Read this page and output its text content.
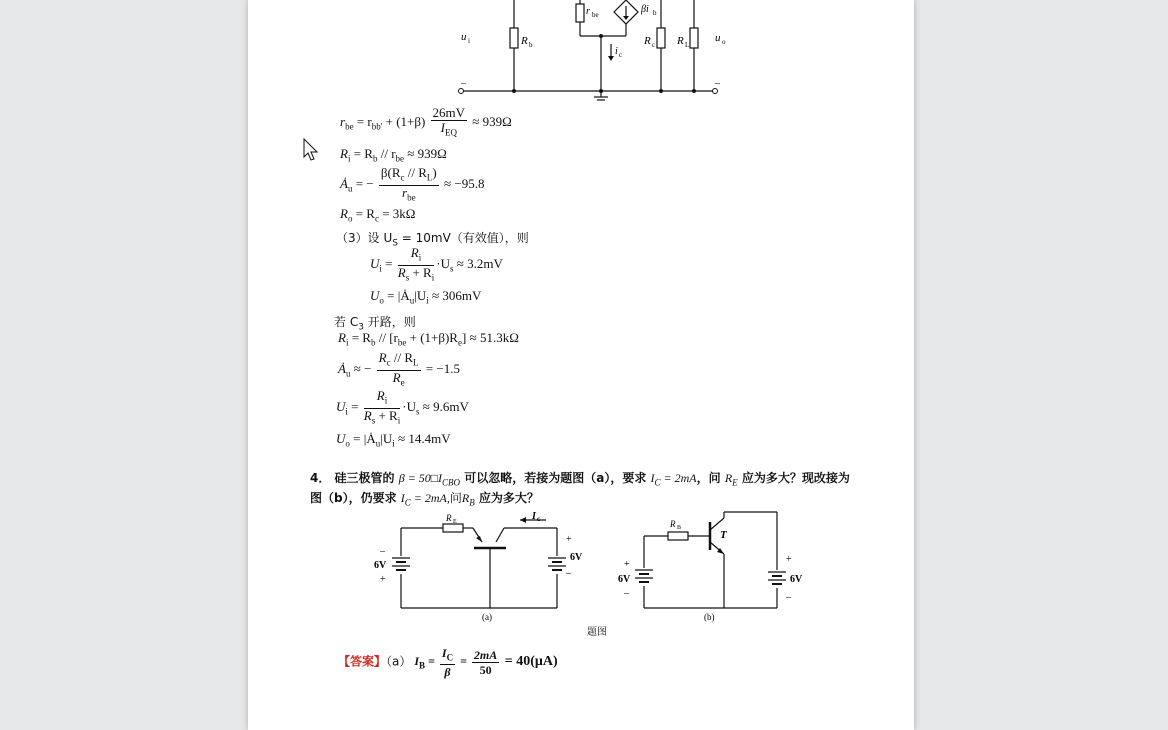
u i	R b
r be	βi b
i c
R c R L
u o
–	–
$r_{be} = r_{bb'} + (1+\beta) \frac{26mV}{I_{EQ}} \approx 939\Omega$
$R_i = R_b // r_{be} \approx 939\Omega$
$Ȧ_u$ = − $\frac{\beta(R_c // R_L)}{r_{be}} \approx -95.8$
$R_o = R_c = 3k\Omega$
（3）设 $U_S = 10mV$（有效值），则
$U_i = \frac{R_i}{R_s + R_i} \cdot U_s \approx 3.2mV$
$U_o$ = $|Ȧ_u|U_i \approx 306mV$
若 $C_3$ 开路，则
$R_i = R_b // [r_{be} + (1+\beta)R_e] \approx 51.3k\Omega$
$Ȧ_u$ ≈ − $\frac{R_c // R_L}{R_e} = -1.5$
$U_i = \frac{R_i}{R_s + R_i} \cdot U_s \approx 9.6mV$
$U_o$ = $|Ȧ_u|U_i \approx 14.4mV$
4． 硅三极管的 $\beta = 50□I_{CBO}$ 可以忽略，若接为题图（a），要求 $I_C = 2mA$，问 $R_E$ 应为多大？现改接为
图（b），仍要求 $I_C = 2mA$,问$R_B$ 应为多大？
R E	I c
6V
–
+
6V
+
–
(a)
R B
T
6V
+
–
6V
+
–
(b)
题图
【答案】（a） $I_B = \frac{I_C}{\beta} = \frac{2mA}{50} = 40(\mu A)$
